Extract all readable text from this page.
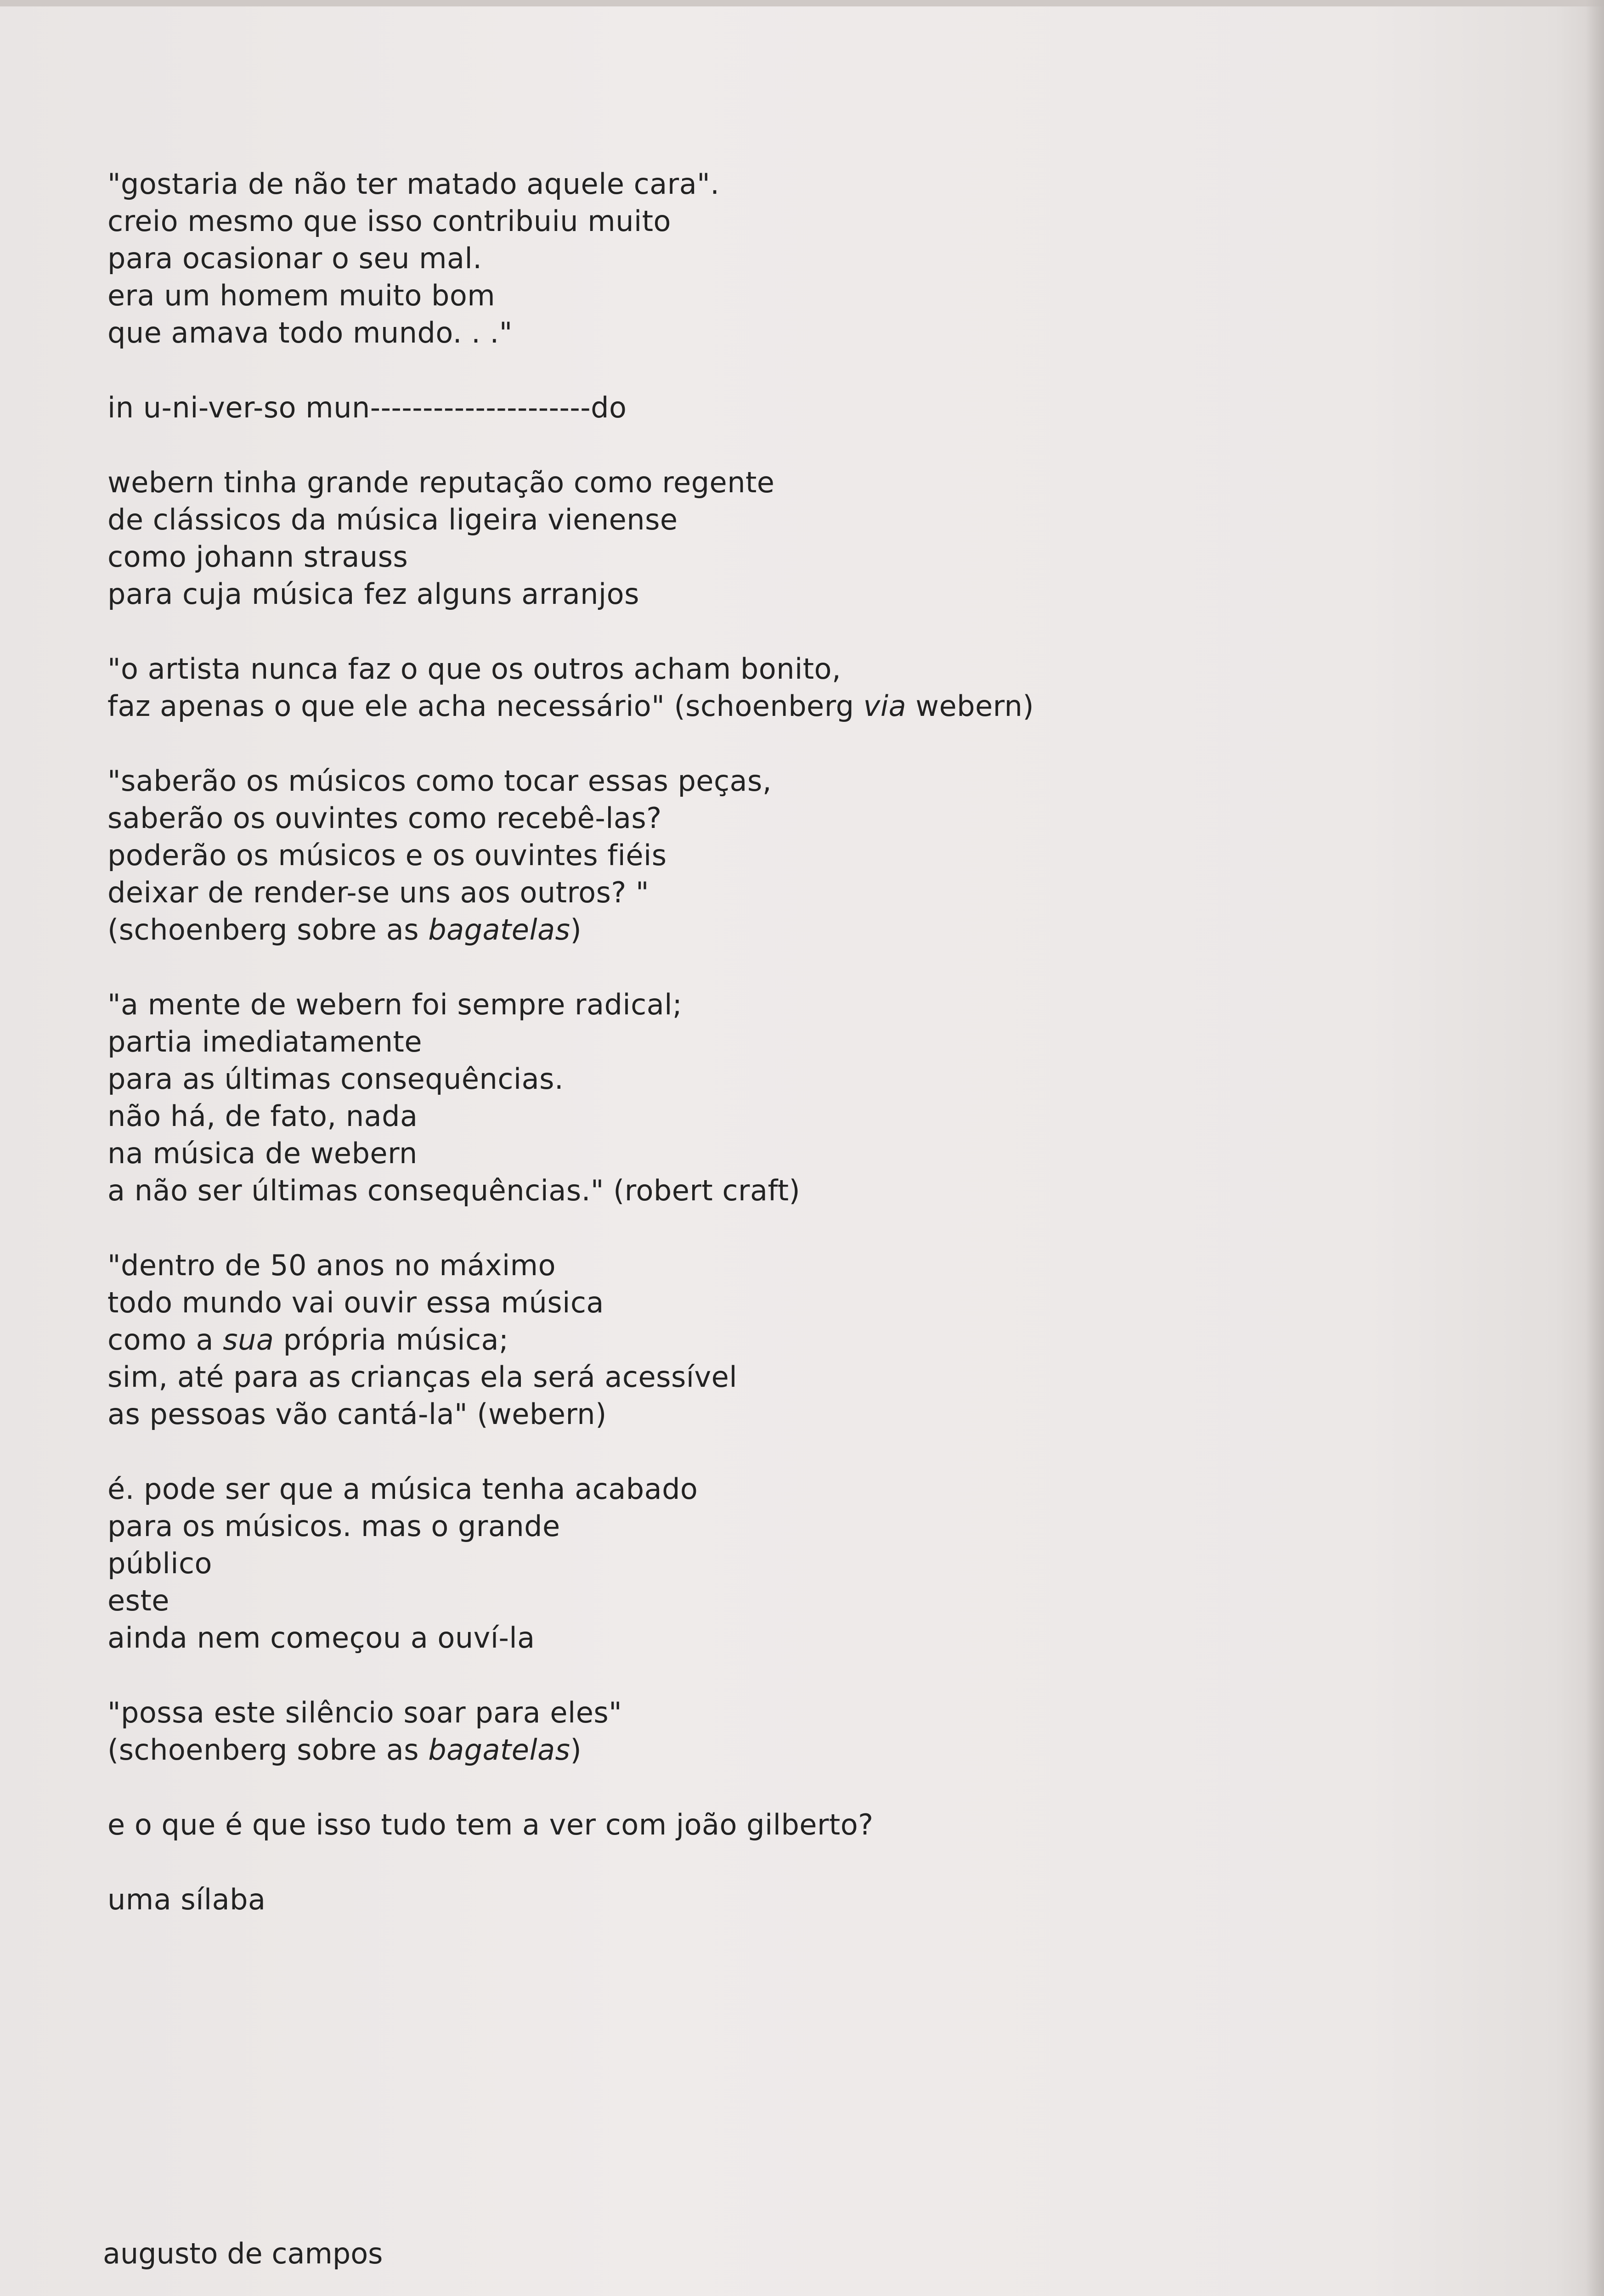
"gostaria de não ter matado aquele cara".
creio mesmo que isso contribuiu muito
para ocasionar o seu mal.
era um homem muito bom
que amava todo mundo. . ."
in u-ni-ver-so mun---------------------do
webern tinha grande reputação como regente
de clássicos da música ligeira vienense
como johann strauss
para cuja música fez alguns arranjos
"o artista nunca faz o que os outros acham bonito,
faz apenas o que ele acha necessário" (schoenberg via webern)
"saberão os músicos como tocar essas peças,
saberão os ouvintes como recebê-las?
poderão os músicos e os ouvintes fiéis
deixar de render-se uns aos outros? "
(schoenberg sobre as bagatelas)
"a mente de webern foi sempre radical;
partia imediatamente
para as últimas consequências.
não há, de fato, nada
na música de webern
a não ser últimas consequências." (robert craft)
"dentro de 50 anos no máximo
todo mundo vai ouvir essa música
como a sua própria música;
sim, até para as crianças ela será acessível
as pessoas vão cantá-la" (webern)
é. pode ser que a música tenha acabado
para os músicos. mas o grande
público
este
ainda nem começou a ouví-la
"possa este silêncio soar para eles"
(schoenberg sobre as bagatelas)
e o que é que isso tudo tem a ver com joão gilberto?
uma sílaba
augusto de campos
